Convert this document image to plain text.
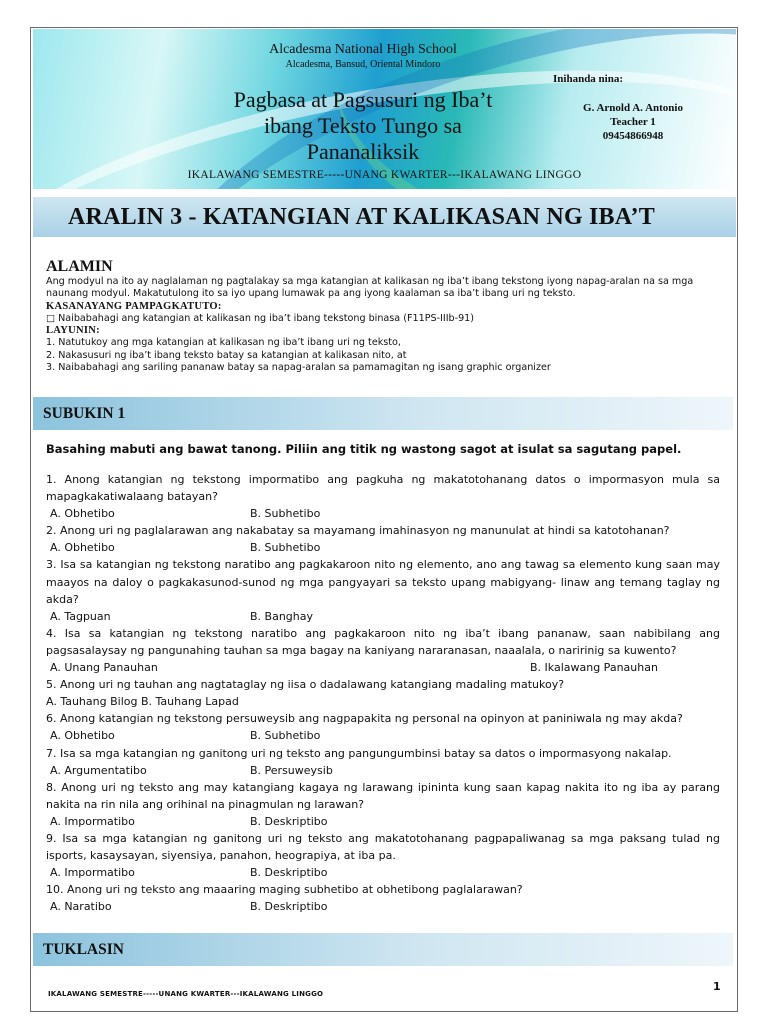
Alcadesma National High School
Alcadesma, Bansud, Oriental Mindoro
Pagbasa at Pagsusuri ng Iba’t
ibang Teksto Tungo sa
Pananaliksik
Inihanda nina:
G. Arnold A. Antonio
Teacher 1
09454866948
IKALAWANG SEMESTRE-----UNANG KWARTER---IKALAWANG LINGGO
ARALIN 3 - KATANGIAN AT KALIKASAN NG IBA’T
ALAMIN
Ang modyul na ito ay naglalaman ng pagtalakay sa mga katangian at kalikasan ng iba’t ibang tekstong iyong napag-aralan na sa mga naunang modyul. Makatutulong ito sa iyo upang lumawak pa ang iyong kaalaman sa iba’t ibang uri ng teksto.
KASANAYANG PAMPAGKATUTO:
□ Naibabahagi ang katangian at kalikasan ng iba’t ibang tekstong binasa (F11PS-IIIb-91)
LAYUNIN:
1. Natutukoy ang mga katangian at kalikasan ng iba’t ibang uri ng teksto,
2. Nakasusuri ng iba’t ibang teksto batay sa katangian at kalikasan nito, at
3. Naibabahagi ang sariling pananaw batay sa napag-aralan sa pamamagitan ng isang graphic organizer
SUBUKIN 1
Basahing mabuti ang bawat tanong. Piliin ang titik ng wastong sagot at isulat sa sagutang papel.

1. Anong katangian ng tekstong impormatibo ang pagkuha ng makatotohanang datos o impormasyon mula sa mapagkakatiwalaang batayan?

A. Obhetibo	B. Subhetibo

2. Anong uri ng paglalarawan ang nakabatay sa mayamang imahinasyon ng manunulat at hindi sa katotohanan?

A. Obhetibo	B. Subhetibo

3. Isa sa katangian ng tekstong naratibo ang pagkakaroon nito ng elemento, ano ang tawag sa elemento kung saan may maayos na daloy o pagkakasunod-sunod ng mga pangyayari sa teksto upang mabigyang- linaw ang temang taglay ng akda?

A. Tagpuan	B. Banghay

4. Isa sa katangian ng tekstong naratibo ang pagkakaroon nito ng iba’t ibang pananaw, saan nabibilang ang pagsasalaysay ng pangunahing tauhan sa mga bagay na kaniyang nararanasan, naaalala, o naririnig sa kuwento?

A. Unang Panauhan	B. Ikalawang Panauhan

5. Anong uri ng tauhan ang nagtataglay ng iisa o dadalawang katangiang madaling matukoy?

A. Tauhang Bilog B. Tauhang Lapad

6. Anong katangian ng tekstong persuweysib ang nagpapakita ng personal na opinyon at paniniwala ng may akda?

A. Obhetibo	B. Subhetibo

7. Isa sa mga katangian ng ganitong uri ng teksto ang pangungumbinsi batay sa datos o impormasyong nakalap.

A. Argumentatibo	B. Persuweysib

8. Anong uri ng teksto ang may katangiang kagaya ng larawang ipininta kung saan kapag nakita ito ng iba ay parang nakita na rin nila ang orihinal na pinagmulan ng larawan?

A. Impormatibo	B. Deskriptibo

9. Isa sa mga katangian ng ganitong uri ng teksto ang makatotohanang pagpapaliwanag sa mga paksang tulad ng isports, kasaysayan, siyensiya, panahon, heograpiya, at iba pa.

A. Impormatibo	B. Deskriptibo

10. Anong uri ng teksto ang maaaring maging subhetibo at obhetibong paglalarawan?

A. Naratibo	B. Deskriptibo
TUKLASIN
1
IKALAWANG SEMESTRE-----UNANG KWARTER---IKALAWANG LINGGO
